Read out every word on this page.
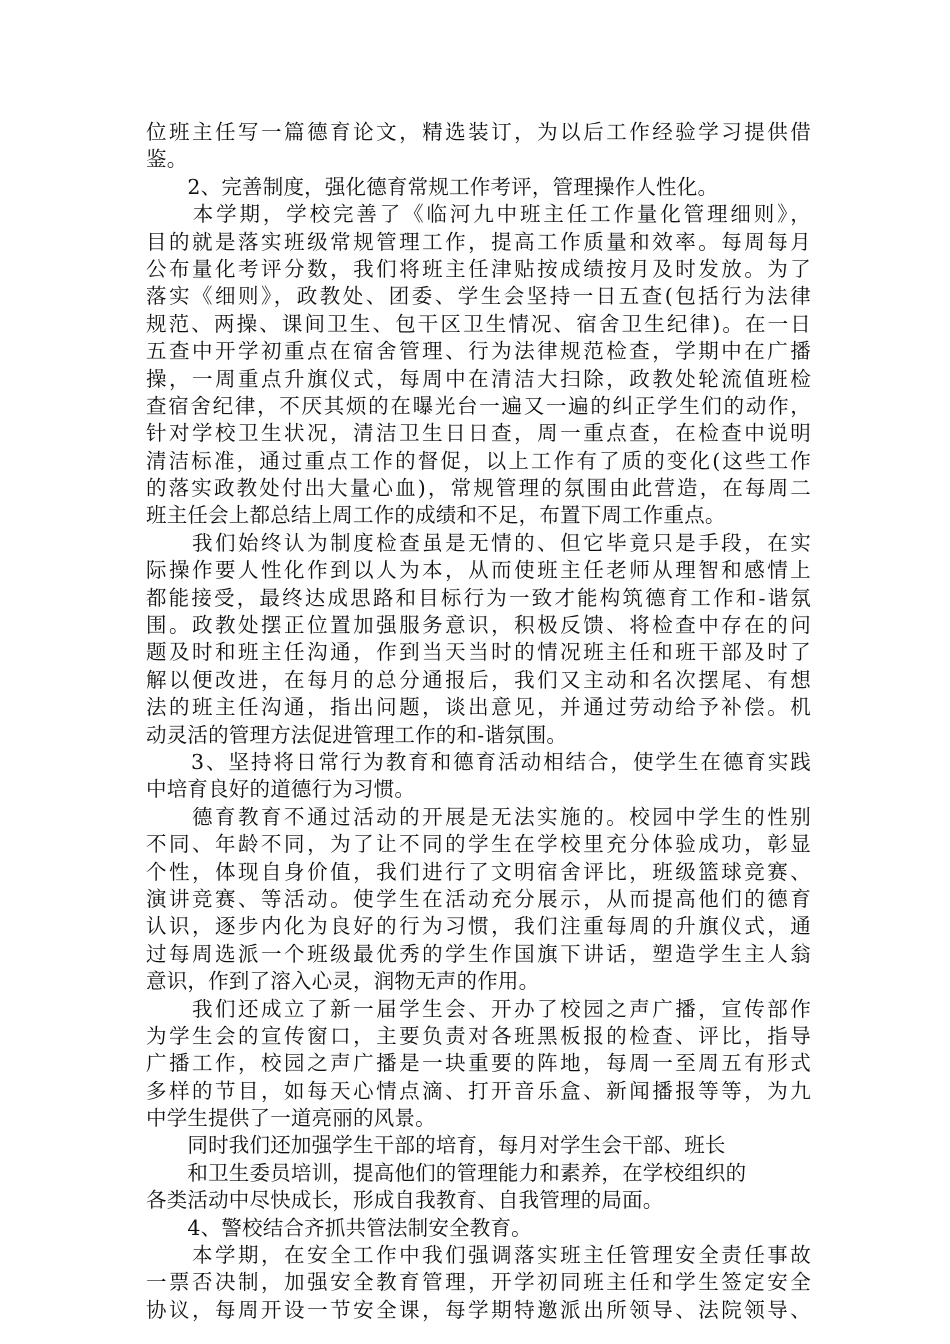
位班主任写一篇德育论文，精选装订，为以后工作经验学习提供借
鉴。
　　2、完善制度，强化德育常规工作考评，管理操作人性化。
　　本学期，学校完善了《临河九中班主任工作量化管理细则》，
目的就是落实班级常规管理工作，提高工作质量和效率。每周每月
公布量化考评分数，我们将班主任津贴按成绩按月及时发放。为了
落实《细则》，政教处、团委、学生会坚持一日五查(包括行为法律
规范、两操、课间卫生、包干区卫生情况、宿舍卫生纪律)。在一日
五查中开学初重点在宿舍管理、行为法律规范检查，学期中在广播
操，一周重点升旗仪式，每周中在清洁大扫除，政教处轮流值班检
查宿舍纪律，不厌其烦的在曝光台一遍又一遍的纠正学生们的动作，
针对学校卫生状况，清洁卫生日日查，周一重点查，在检查中说明
清洁标准，通过重点工作的督促，以上工作有了质的变化(这些工作
的落实政教处付出大量心血)，常规管理的氛围由此营造，在每周二
班主任会上都总结上周工作的成绩和不足，布置下周工作重点。
　　我们始终认为制度检查虽是无情的、但它毕竟只是手段，在实
际操作要人性化作到以人为本，从而使班主任老师从理智和感情上
都能接受，最终达成思路和目标行为一致才能构筑德育工作和-谐氛
围。政教处摆正位置加强服务意识，积极反馈、将检查中存在的问
题及时和班主任沟通，作到当天当时的情况班主任和班干部及时了
解以便改进，在每月的总分通报后，我们又主动和名次摆尾、有想
法的班主任沟通，指出问题，谈出意见，并通过劳动给予补偿。机
动灵活的管理方法促进管理工作的和-谐氛围。
　　3、坚持将日常行为教育和德育活动相结合，使学生在德育实践
中培育良好的道德行为习惯。
　　德育教育不通过活动的开展是无法实施的。校园中学生的性别
不同、年龄不同，为了让不同的学生在学校里充分体验成功，彰显
个性，体现自身价值，我们进行了文明宿舍评比，班级篮球竞赛、
演讲竞赛、等活动。使学生在活动充分展示，从而提高他们的德育
认识，逐步内化为良好的行为习惯，我们注重每周的升旗仪式，通
过每周选派一个班级最优秀的学生作国旗下讲话，塑造学生主人翁
意识，作到了溶入心灵，润物无声的作用。
　　我们还成立了新一届学生会、开办了校园之声广播，宣传部作
为学生会的宣传窗口，主要负责对各班黑板报的检查、评比，指导
广播工作，校园之声广播是一块重要的阵地，每周一至周五有形式
多样的节目，如每天心情点滴、打开音乐盒、新闻播报等等，为九
中学生提供了一道亮丽的风景。
　　同时我们还加强学生干部的培育，每月对学生会干部、班长
　　和卫生委员培训，提高他们的管理能力和素养，在学校组织的
各类活动中尽快成长，形成自我教育、自我管理的局面。
　　4、警校结合齐抓共管法制安全教育。
　　本学期，在安全工作中我们强调落实班主任管理安全责任事故
一票否决制，加强安全教育管理，开学初同班主任和学生签定安全
协议，每周开设一节安全课，每学期特邀派出所领导、法院领导、
